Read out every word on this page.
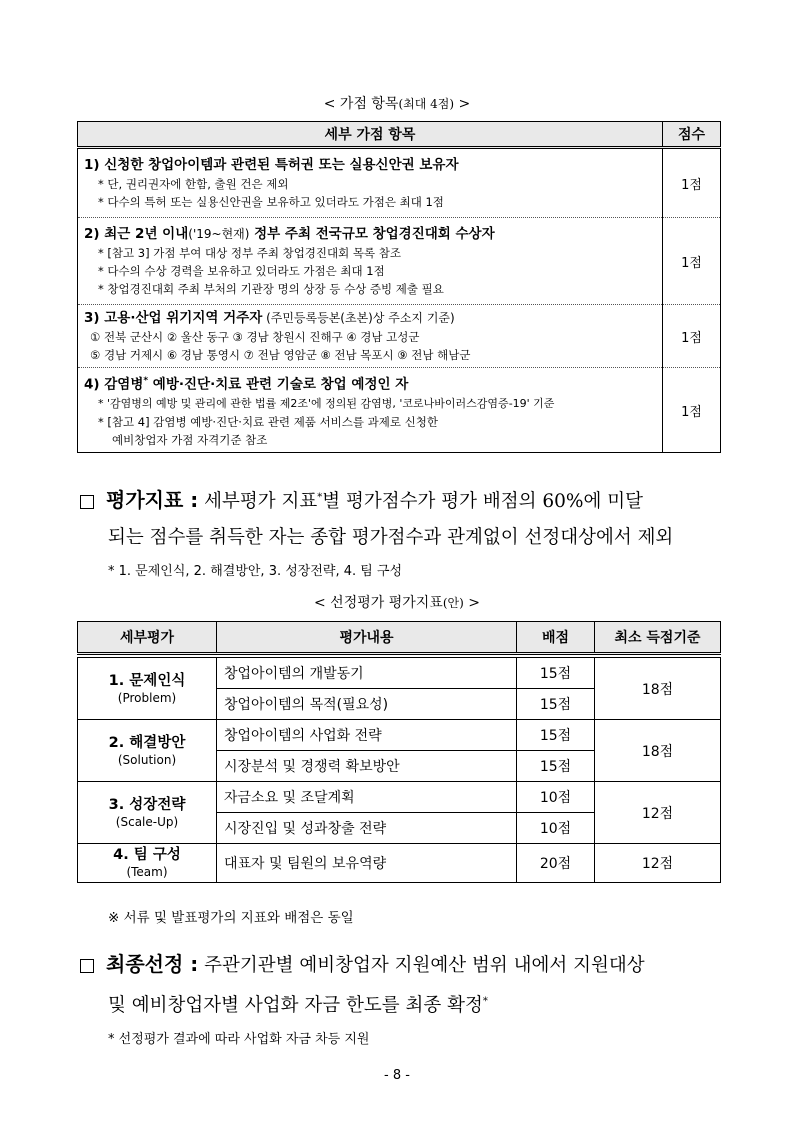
< 가점 항목(최대 4점) >
세부 가점 항목	점수

1) 신청한 창업아이템과 관련된 특허권 또는 실용신안권 보유자
* 단, 권리권자에 한함, 출원 건은 제외
* 다수의 특허 또는 실용신안권을 보유하고 있더라도 가점은 최대 1점	1점

2) 최근 2년 이내('19~현재) 정부 주최 전국규모 창업경진대회 수상자
* [참고 3] 가점 부여 대상 정부 주최 창업경진대회 목록 참조
* 다수의 수상 경력을 보유하고 있더라도 가점은 최대 1점
* 창업경진대회 주최 부처의 기관장 명의 상장 등 수상 증빙 제출 필요	1점

3) 고용·산업 위기지역 거주자 (주민등록등본(초본)상 주소지 기준)
① 전북 군산시 ② 울산 동구 ③ 경남 창원시 진해구 ④ 경남 고성군
⑤ 경남 거제시 ⑥ 경남 통영시 ⑦ 전남 영암군 ⑧ 전남 목포시 ⑨ 전남 해남군	1점

4) 감염병* 예방·진단·치료 관련 기술로 창업 예정인 자
* '감염병의 예방 및 관리에 관한 법률 제2조'에 정의된 감염병, '코로나바이러스감염증-19' 기준
* [참고 4] 감염병 예방·진단·치료 관련 제품 서비스를 과제로 신청한
예비창업자 가점 자격기준 참조	1점
평가지표 : 세부평가 지표*별 평가점수가 평가 배점의 60%에 미달
되는 점수를 취득한 자는 종합 평가점수과 관계없이 선정대상에서 제외
* 1. 문제인식, 2. 해결방안, 3. 성장전략, 4. 팀 구성
< 선정평가 평가지표(안) >
세부평가	평가내용	배점	최소 득점기준

1. 문제인식
(Problem)	창업아이템의 개발동기	15점	18점
	창업아이템의 목적(필요성)	15점	

2. 해결방안
(Solution)	창업아이템의 사업화 전략	15점	18점
	시장분석 및 경쟁력 확보방안	15점	

3. 성장전략
(Scale-Up)	자금소요 및 조달계획	10점	12점
	시장진입 및 성과창출 전략	10점	

4. 팀 구성
(Team)	대표자 및 팀원의 보유역량	20점	12점
※ 서류 및 발표평가의 지표와 배점은 동일
최종선정 : 주관기관별 예비창업자 지원예산 범위 내에서 지원대상
및 예비창업자별 사업화 자금 한도를 최종 확정*
* 선정평가 결과에 따라 사업화 자금 차등 지원
- 8 -
